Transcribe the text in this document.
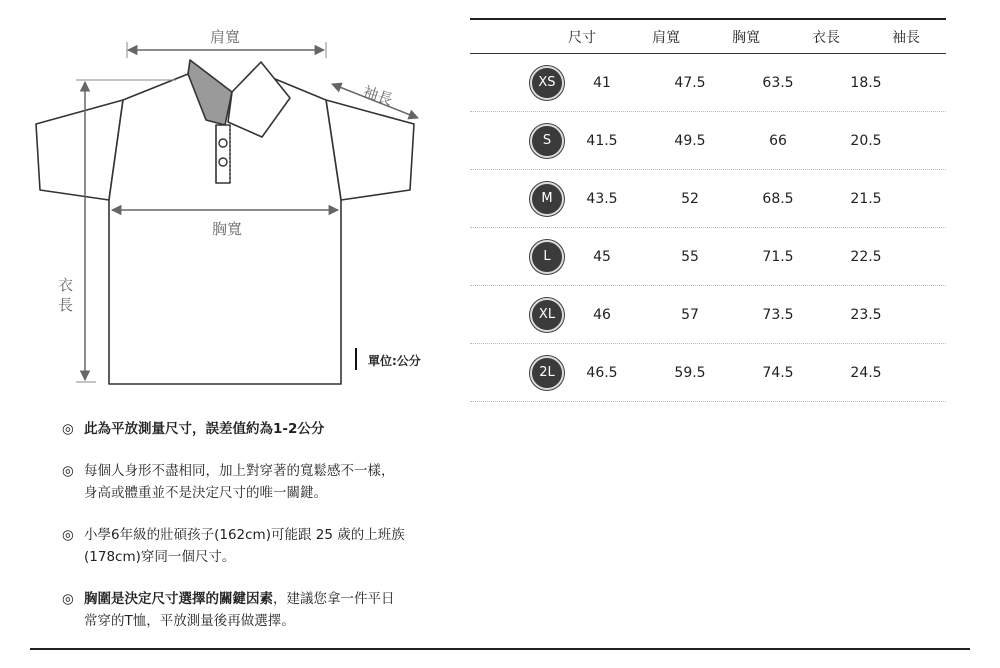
肩寬
袖長
胸寬
衣
長
單位:公分
尺寸	肩寬	胸寬	衣長	袖長
XS	41	47.5	63.5	18.5
S	41.5	49.5	66	20.5
M	43.5	52	68.5	21.5
L	45	55	71.5	22.5
XL	46	57	73.5	23.5
2L	46.5	59.5	74.5	24.5
◎ 此為平放測量尺寸，誤差值約為1-2公分
◎ 每個人身形不盡相同，加上對穿著的寬鬆感不一樣，
身高或體重並不是決定尺寸的唯一關鍵。
◎ 小學6年級的壯碩孩子(162cm)可能跟 25 歲的上班族
(178cm)穿同一個尺寸。
◎ 胸圍是決定尺寸選擇的關鍵因素，建議您拿一件平日
常穿的T恤，平放測量後再做選擇。
